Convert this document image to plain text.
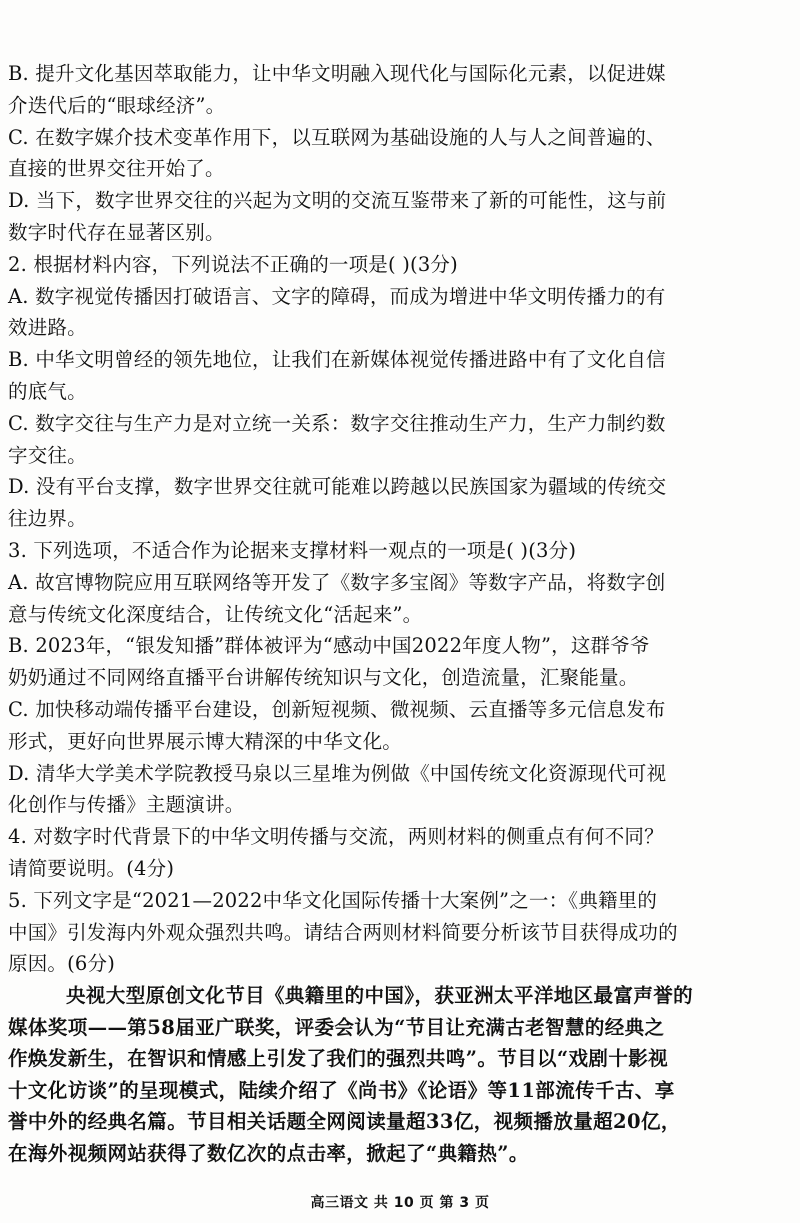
B. 提升文化基因萃取能力，让中华文明融入现代化与国际化元素，以促进媒
介迭代后的“眼球经济”。
C. 在数字媒介技术变革作用下，以互联网为基础设施的人与人之间普遍的、
直接的世界交往开始了。
D. 当下，数字世界交往的兴起为文明的交流互鉴带来了新的可能性，这与前
数字时代存在显著区别。
2. 根据材料内容，下列说法不正确的一项是( )(3分)
A. 数字视觉传播因打破语言、文字的障碍，而成为增进中华文明传播力的有
效进路。
B. 中华文明曾经的领先地位，让我们在新媒体视觉传播进路中有了文化自信
的底气。
C. 数字交往与生产力是对立统一关系：数字交往推动生产力，生产力制约数
字交往。
D. 没有平台支撑，数字世界交往就可能难以跨越以民族国家为疆域的传统交
往边界。
3. 下列选项，不适合作为论据来支撑材料一观点的一项是( )(3分)
A. 故宫博物院应用互联网络等开发了《数字多宝阁》等数字产品，将数字创
意与传统文化深度结合，让传统文化“活起来”。
B. 2023年，“银发知播”群体被评为“感动中国2022年度人物”，这群爷爷
奶奶通过不同网络直播平台讲解传统知识与文化，创造流量，汇聚能量。
C. 加快移动端传播平台建设，创新短视频、微视频、云直播等多元信息发布
形式，更好向世界展示博大精深的中华文化。
D. 清华大学美术学院教授马泉以三星堆为例做《中国传统文化资源现代可视
化创作与传播》主题演讲。
4. 对数字时代背景下的中华文明传播与交流，两则材料的侧重点有何不同？
请简要说明。(4分)
5. 下列文字是“2021—2022中华文化国际传播十大案例”之一：《典籍里的
中国》引发海内外观众强烈共鸣。请结合两则材料简要分析该节目获得成功的
原因。(6分)
央视大型原创文化节目《典籍里的中国》，获亚洲太平洋地区最富声誉的
媒体奖项——第58届亚广联奖，评委会认为“节目让充满古老智慧的经典之
作焕发新生，在智识和情感上引发了我们的强烈共鸣”。节目以“戏剧十影视
十文化访谈”的呈现模式，陆续介绍了《尚书》《论语》等11部流传千古、享
誉中外的经典名篇。节目相关话题全网阅读量超33亿，视频播放量超20亿，
在海外视频网站获得了数亿次的点击率，掀起了“典籍热”。
高三语文 共 10 页 第 3 页
